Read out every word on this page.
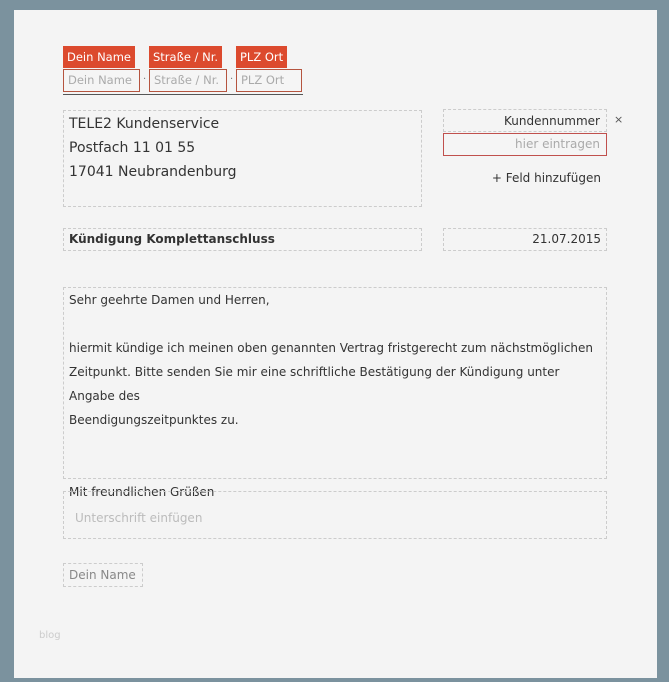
Dein Name	Straße / Nr.	PLZ Ort
Dein Name	· Straße / Nr.	· PLZ Ort
TELE2 Kundenservice
Postfach 11 01 55
17041 Neubrandenburg
Kundennummer	×
hier eintragen
+ Feld hinzufügen
Kündigung Komplettanschluss	21.07.2015

Sehr geehrte Damen und Herren,

hiermit kündige ich meinen oben genannten Vertrag fristgerecht zum nächstmöglichen

Zeitpunkt. Bitte senden Sie mir eine schriftliche Bestätigung der Kündigung unter Angabe des

Beendigungszeitpunktes zu.

Mit freundlichen Grüßen

Unterschrift einfügen
Dein Name
blog
